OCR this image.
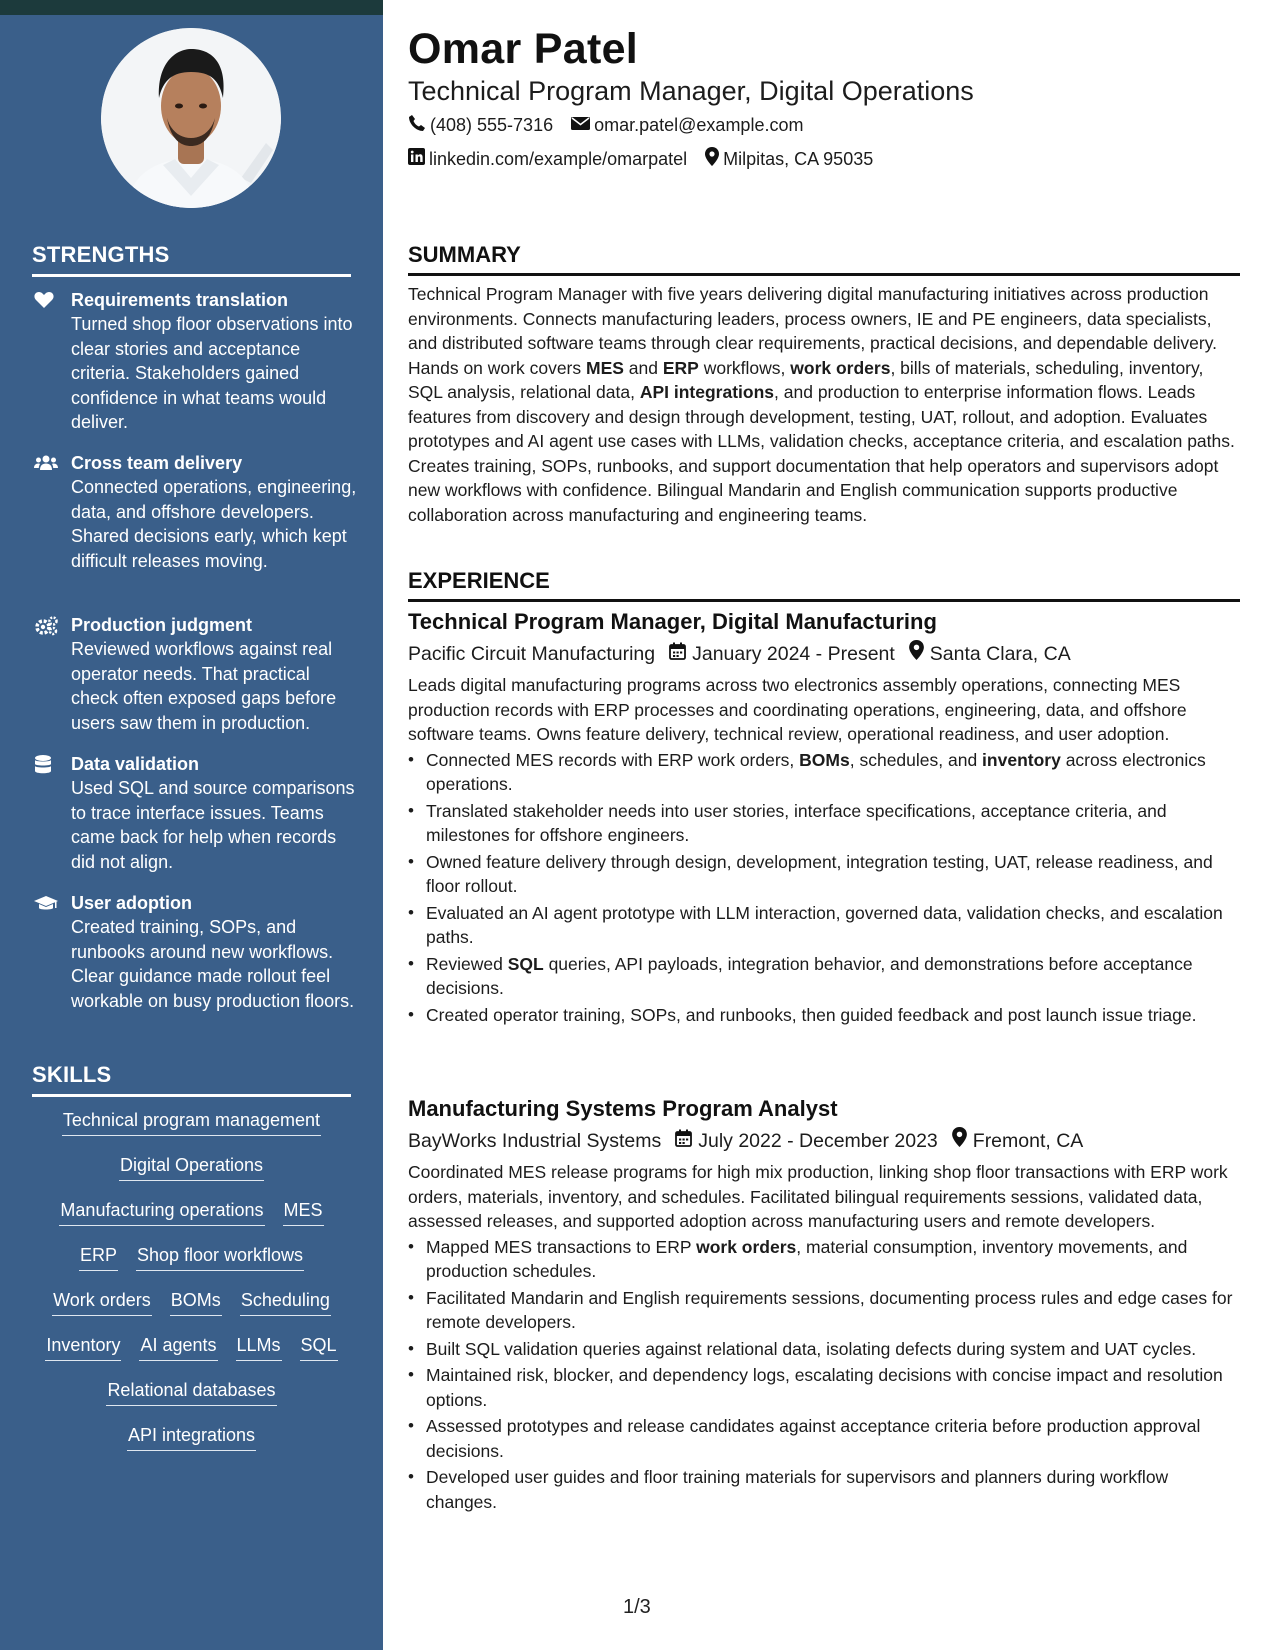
STRENGTHS
Requirements translation
Turned shop floor observations into clear stories and acceptance criteria. Stakeholders gained confidence in what teams would deliver.
Cross team delivery
Connected operations, engineering, data, and offshore developers. Shared decisions early, which kept difficult releases moving.
Production judgment
Reviewed workflows against real operator needs. That practical check often exposed gaps before users saw them in production.
Data validation
Used SQL and source comparisons to trace interface issues. Teams came back for help when records did not align.
User adoption
Created training, SOPs, and runbooks around new workflows. Clear guidance made rollout feel workable on busy production floors.
SKILLS
Technical program management
Digital Operations
Manufacturing operations MES
ERP Shop floor workflows
Work orders BOMs Scheduling
Inventory AI agents LLMs SQL
Relational databases
API integrations
Omar Patel
Technical Program Manager, Digital Operations
(408) 555-7316 omar.patel@example.com
linkedin.com/example/omarpatel Milpitas, CA 95035
SUMMARY
Technical Program Manager with five years delivering digital manufacturing initiatives across production environments. Connects manufacturing leaders, process owners, IE and PE engineers, data specialists, and distributed software teams through clear requirements, practical decisions, and dependable delivery. Hands on work covers MES and ERP workflows, work orders, bills of materials, scheduling, inventory, SQL analysis, relational data, API integrations, and production to enterprise information flows. Leads features from discovery and design through development, testing, UAT, rollout, and adoption. Evaluates prototypes and AI agent use cases with LLMs, validation checks, acceptance criteria, and escalation paths. Creates training, SOPs, runbooks, and support documentation that help operators and supervisors adopt new workflows with confidence. Bilingual Mandarin and English communication supports productive collaboration across manufacturing and engineering teams.
EXPERIENCE
Technical Program Manager, Digital Manufacturing
Pacific Circuit Manufacturing January 2024 - Present Santa Clara, CA
Leads digital manufacturing programs across two electronics assembly operations, connecting MES production records with ERP processes and coordinating operations, engineering, data, and offshore software teams. Owns feature delivery, technical review, operational readiness, and user adoption.
• Connected MES records with ERP work orders, BOMs, schedules, and inventory across electronics operations.
• Translated stakeholder needs into user stories, interface specifications, acceptance criteria, and milestones for offshore engineers.
• Owned feature delivery through design, development, integration testing, UAT, release readiness, and floor rollout.
• Evaluated an AI agent prototype with LLM interaction, governed data, validation checks, and escalation paths.
• Reviewed SQL queries, API payloads, integration behavior, and demonstrations before acceptance decisions.
• Created operator training, SOPs, and runbooks, then guided feedback and post launch issue triage.
Manufacturing Systems Program Analyst
BayWorks Industrial Systems July 2022 - December 2023 Fremont, CA
Coordinated MES release programs for high mix production, linking shop floor transactions with ERP work orders, materials, inventory, and schedules. Facilitated bilingual requirements sessions, validated data, assessed releases, and supported adoption across manufacturing users and remote developers.
• Mapped MES transactions to ERP work orders, material consumption, inventory movements, and production schedules.
• Facilitated Mandarin and English requirements sessions, documenting process rules and edge cases for remote developers.
• Built SQL validation queries against relational data, isolating defects during system and UAT cycles.
• Maintained risk, blocker, and dependency logs, escalating decisions with concise impact and resolution options.
• Assessed prototypes and release candidates against acceptance criteria before production approval decisions.
• Developed user guides and floor training materials for supervisors and planners during workflow changes.
1/3
